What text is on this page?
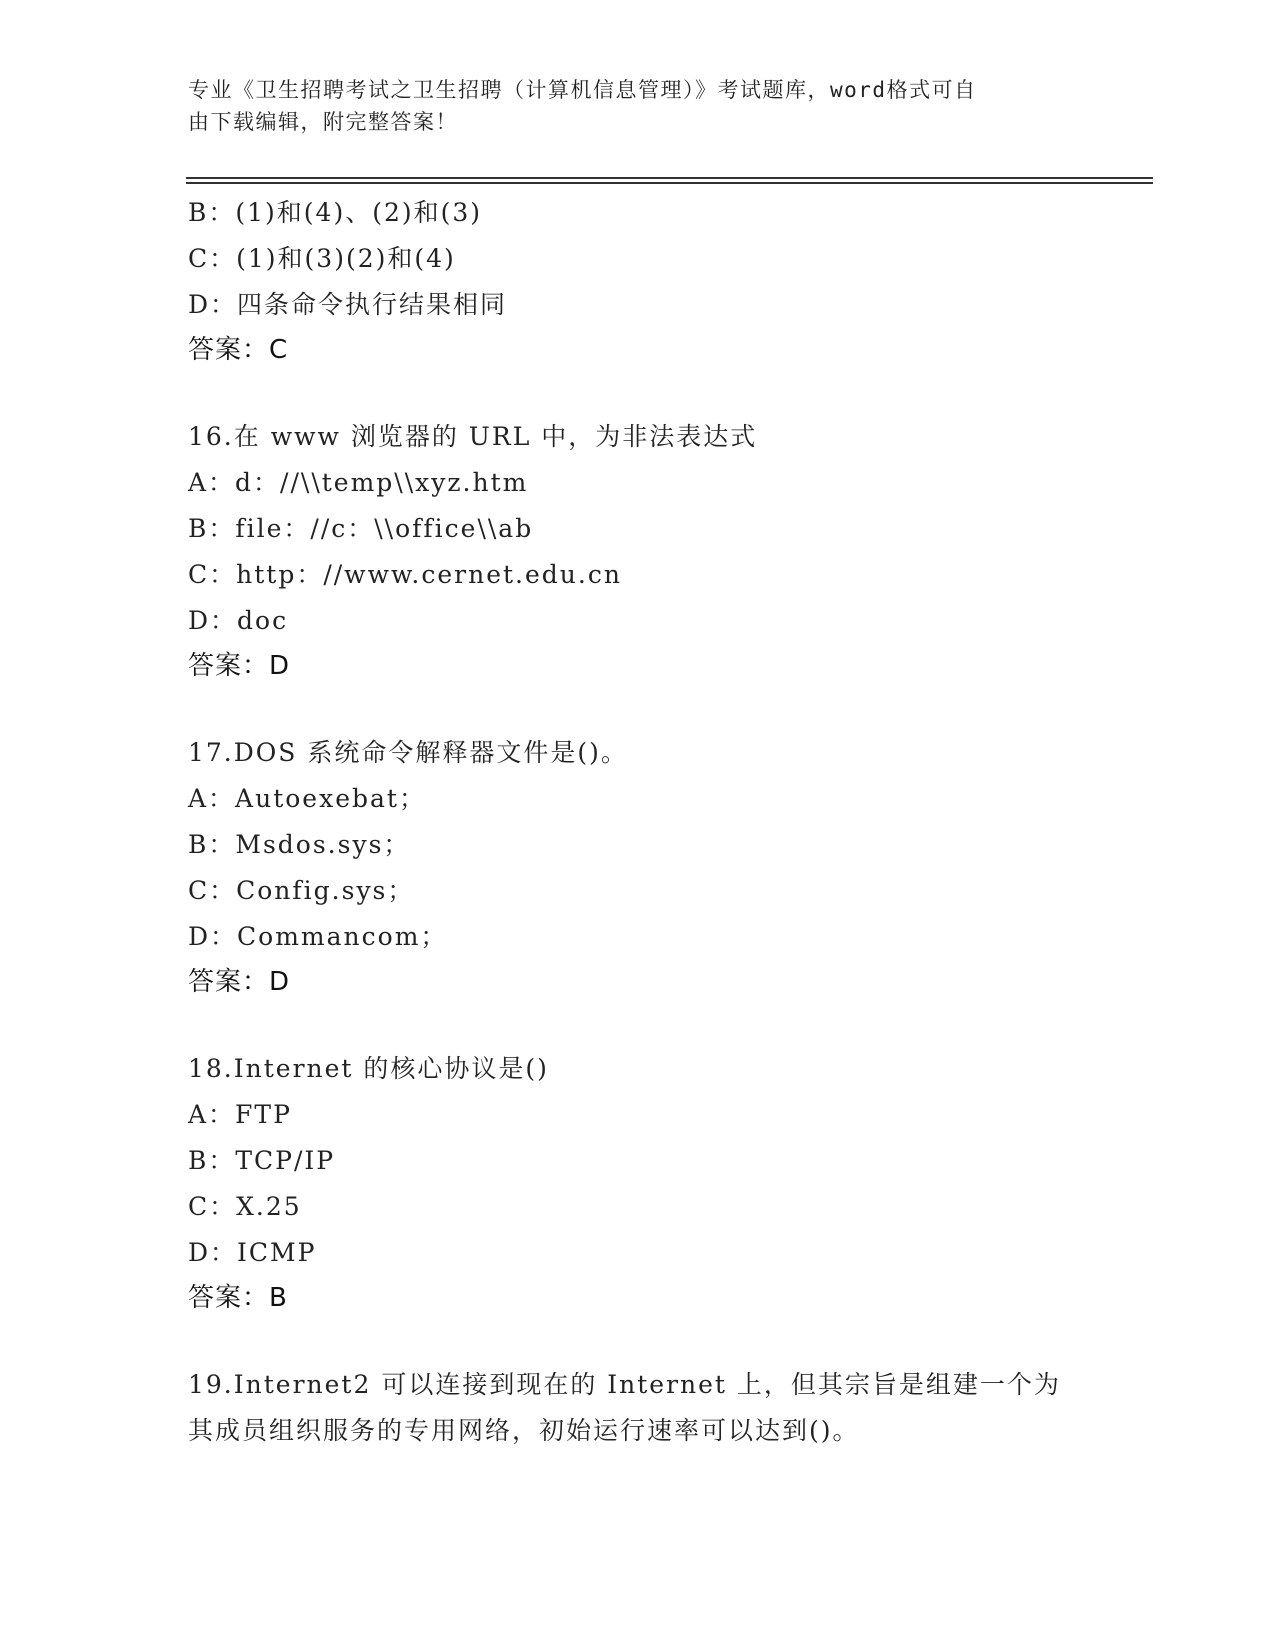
专业《卫生招聘考试之卫生招聘（计算机信息管理）》考试题库，word格式可自
由下载编辑，附完整答案！
B：(1)和(4)、(2)和(3)
C：(1)和(3)(2)和(4)
D：四条命令执行结果相同
答案：C
16.在 www 浏览器的 URL 中，为非法表达式
A：d：//\\temp\\xyz.htm
B：file：//c：\\office\\ab
C：http：//www.cernet.edu.cn
D：doc
答案：D
17.DOS 系统命令解释器文件是()。
A：Autoexebat；
B：Msdos.sys；
C：Config.sys；
D：Commancom；
答案：D
18.Internet 的核心协议是()
A：FTP
B：TCP/IP
C：X.25
D：ICMP
答案：B
19.Internet2 可以连接到现在的 Internet 上，但其宗旨是组建一个为
其成员组织服务的专用网络，初始运行速率可以达到()。
